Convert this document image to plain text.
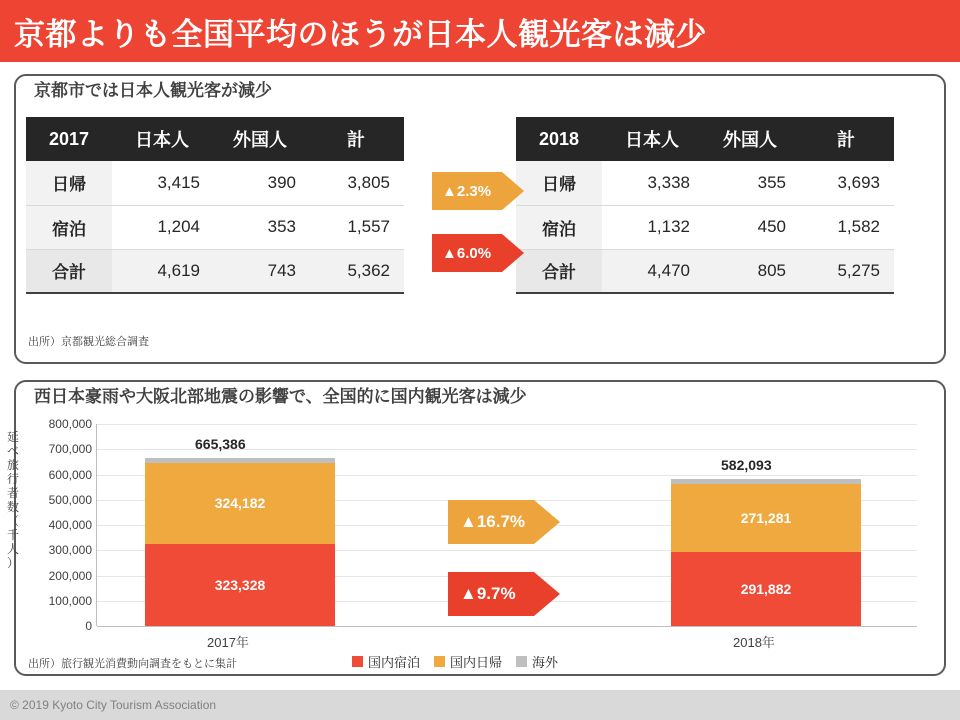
京都よりも全国平均のほうが日本人観光客は減少
京都市では日本人観光客が減少
2017	日本人	外国人	計
日帰	3,415	390	3,805
宿泊	1,204	353	1,557
合計	4,619	743	5,362
2018	日本人	外国人	計
日帰	3,338	355	3,693
宿泊	1,132	450	1,582
合計	4,470	805	5,275
▲2.3%
▲6.0%
出所）京都観光総合調査
西日本豪雨や大阪北部地震の影響で、全国的に国内観光客は減少
延
べ
旅
行
者
数
（
千
人
）
0
100,000
200,000
300,000
400,000
500,000
600,000
700,000
800,000
324,182
323,328
665,386
2017年
271,281
291,882
582,093
2018年
▲16.7%
▲9.7%
国内宿泊 国内日帰 海外
出所）旅行観光消費動向調査をもとに集計
© 2019 Kyoto City Tourism Association
